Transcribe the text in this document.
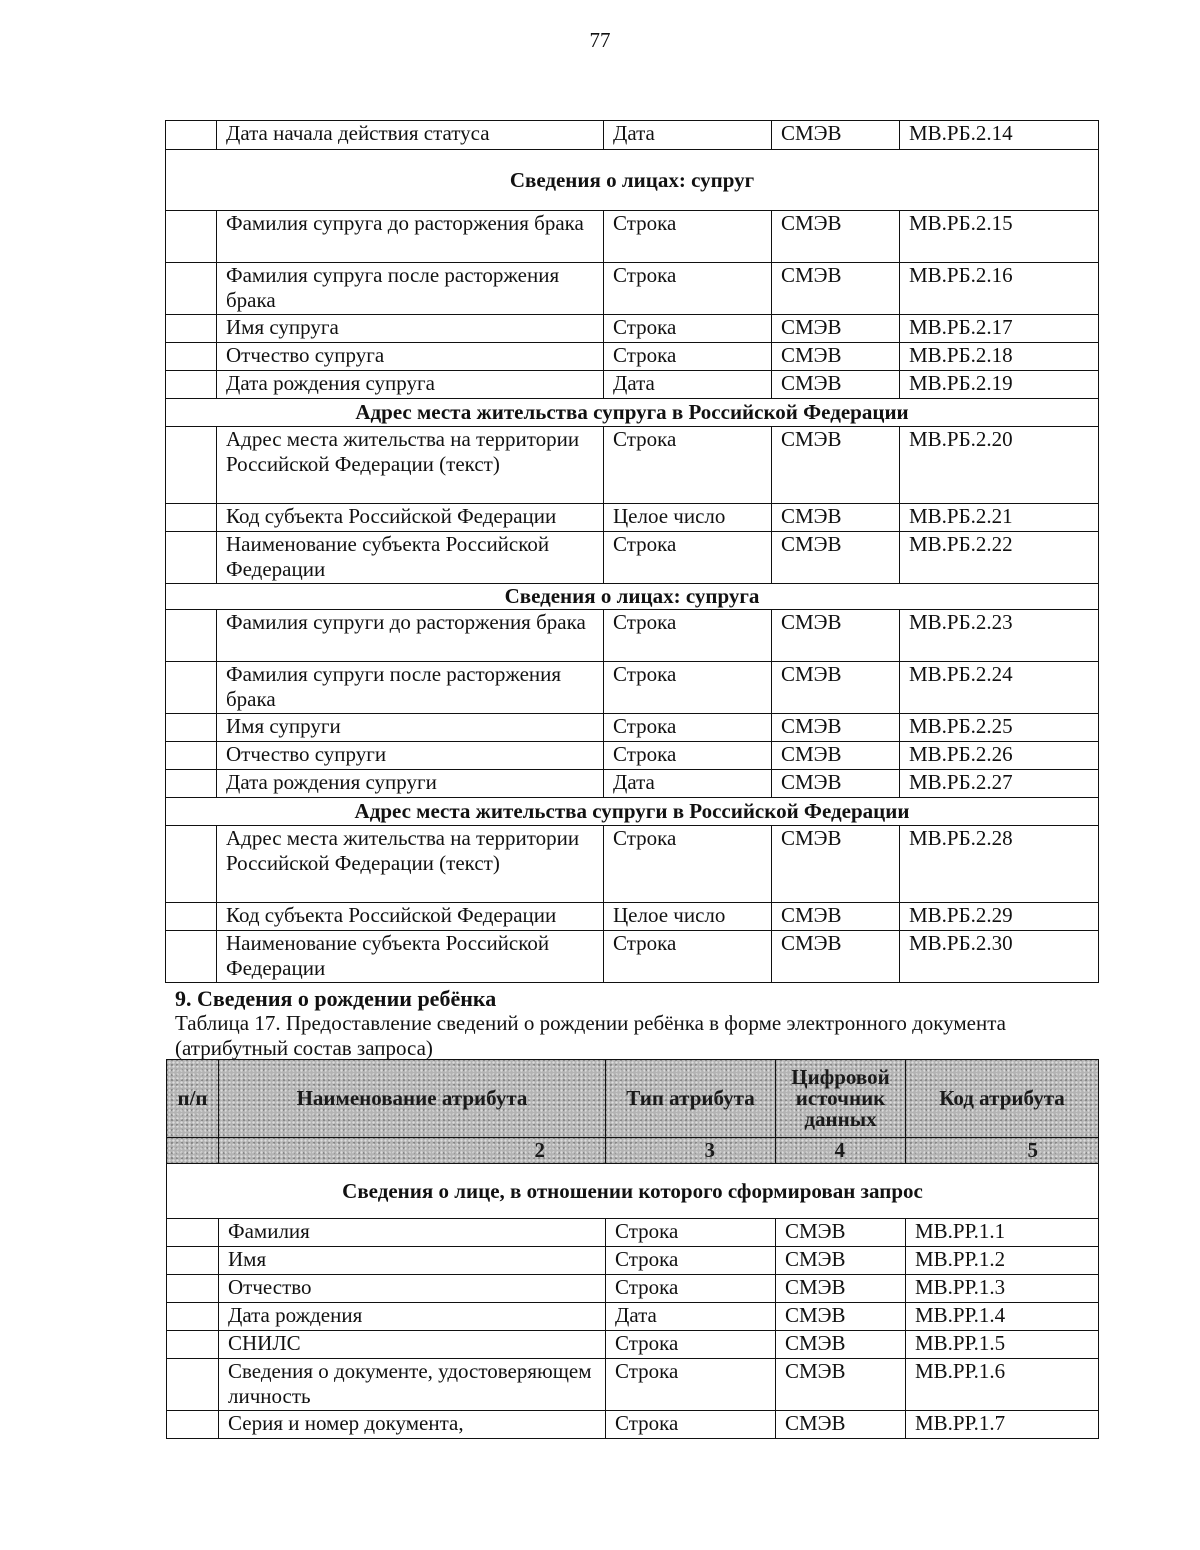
77
	Дата начала действия статуса	Дата	СМЭВ	МВ.РБ.2.14
Сведения о лицах: супруг				
	Фамилия супруга до расторжения брака	Строка	СМЭВ	МВ.РБ.2.15
	Фамилия супруга после расторжения брака	Строка	СМЭВ	МВ.РБ.2.16
	Имя супруга	Строка	СМЭВ	МВ.РБ.2.17
	Отчество супруга	Строка	СМЭВ	МВ.РБ.2.18
	Дата рождения супруга	Дата	СМЭВ	МВ.РБ.2.19
Адрес места жительства супруга в Российской Федерации				
	Адрес места жительства на территории Российской Федерации (текст)	Строка	СМЭВ	МВ.РБ.2.20
	Код субъекта Российской Федерации	Целое число	СМЭВ	МВ.РБ.2.21
	Наименование субъекта Российской Федерации	Строка	СМЭВ	МВ.РБ.2.22
Сведения о лицах: супруга				
	Фамилия супруги до расторжения брака	Строка	СМЭВ	МВ.РБ.2.23
	Фамилия супруги после расторжения брака	Строка	СМЭВ	МВ.РБ.2.24
	Имя супруги	Строка	СМЭВ	МВ.РБ.2.25
	Отчество супруги	Строка	СМЭВ	МВ.РБ.2.26
	Дата рождения супруги	Дата	СМЭВ	МВ.РБ.2.27
Адрес места жительства супруги в Российской Федерации				
	Адрес места жительства на территории Российской Федерации (текст)	Строка	СМЭВ	МВ.РБ.2.28
	Код субъекта Российской Федерации	Целое число	СМЭВ	МВ.РБ.2.29
	Наименование субъекта Российской Федерации	Строка	СМЭВ	МВ.РБ.2.30
9. Сведения о рождении ребёнка

Таблица 17. Предоставление сведений о рождении ребёнка в форме электронного документа (атрибутный состав запроса)

п/п	Наименование атрибута	Тип атрибута	Цифровой источник данных	Код атрибута
	2	3	4	5
Сведения о лице, в отношении которого сформирован запрос				
	Фамилия	Строка	СМЭВ	МВ.РР.1.1
	Имя	Строка	СМЭВ	МВ.РР.1.2
	Отчество	Строка	СМЭВ	МВ.РР.1.3
	Дата рождения	Дата	СМЭВ	МВ.РР.1.4
	СНИЛС	Строка	СМЭВ	МВ.РР.1.5
	Сведения о документе, удостоверяющем личность	Строка	СМЭВ	МВ.РР.1.6
	Серия и номер документа,	Строка	СМЭВ	МВ.РР.1.7
